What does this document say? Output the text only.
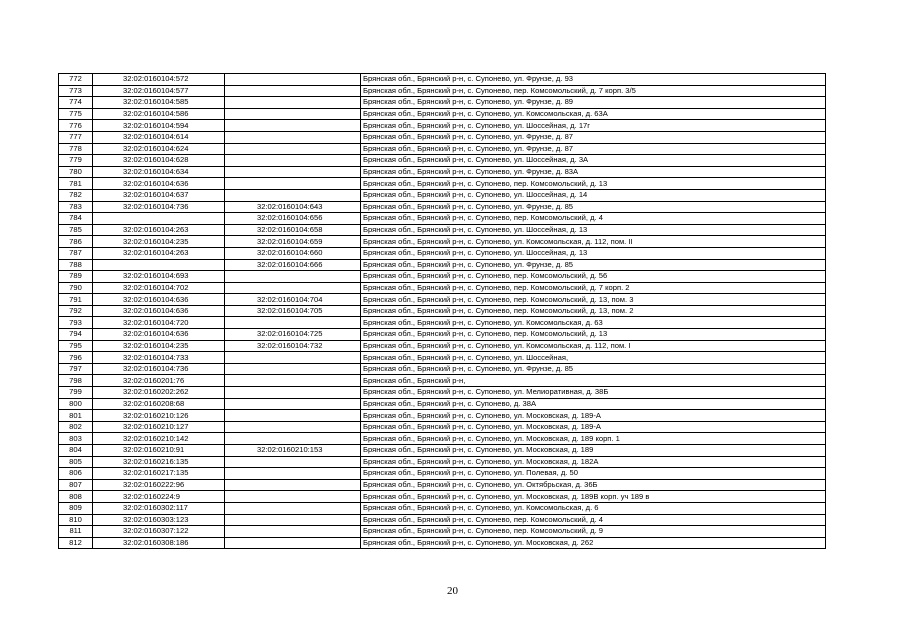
772	32:02:0160104:572		Брянская обл., Брянский р-н, с. Супонево, ул. Фрунзе, д. 93
773	32:02:0160104:577		Брянская обл., Брянский р-н, с. Супонево, пер. Комсомольский, д. 7 корп. 3/5
774	32:02:0160104:585		Брянская обл., Брянский р-н, с. Супонево, ул. Фрунзе, д. 89
775	32:02:0160104:586		Брянская обл., Брянский р-н, с. Супонево, ул. Комсомольская, д. 63А
776	32:02:0160104:594		Брянская обл., Брянский р-н, с. Супонево, ул. Шоссейная, д. 17г
777	32:02:0160104:614		Брянская обл., Брянский р-н, с. Супонево, ул. Фрунзе, д. 87
778	32:02:0160104:624		Брянская обл., Брянский р-н, с. Супонево, ул. Фрунзе, д. 87
779	32:02:0160104:628		Брянская обл., Брянский р-н, с. Супонево, ул. Шоссейная, д. 3А
780	32:02:0160104:634		Брянская обл., Брянский р-н, с. Супонево, ул. Фрунзе, д. 83А
781	32:02:0160104:636		Брянская обл., Брянский р-н, с. Супонево, пер. Комсомольский, д. 13
782	32:02:0160104:637		Брянская обл., Брянский р-н, с. Супонево, ул. Шоссейная, д. 14
783	32:02:0160104:736	32:02:0160104:643	Брянская обл., Брянский р-н, с. Супонево, ул. Фрунзе, д. 85
784		32:02:0160104:656	Брянская обл., Брянский р-н, с. Супонево, пер. Комсомольский, д. 4
785	32:02:0160104:263	32:02:0160104:658	Брянская обл., Брянский р-н, с. Супонево, ул. Шоссейная, д. 13
786	32:02:0160104:235	32:02:0160104:659	Брянская обл., Брянский р-н, с. Супонево, ул. Комсомольская, д. 112, пом. II
787	32:02:0160104:263	32:02:0160104:660	Брянская обл., Брянский р-н, с. Супонево, ул. Шоссейная, д. 13
788		32:02:0160104:666	Брянская обл., Брянский р-н, с. Супонево, ул. Фрунзе, д. 85
789	32:02:0160104:693		Брянская обл., Брянский р-н, с. Супонево, пер. Комсомольский, д. 56
790	32:02:0160104:702		Брянская обл., Брянский р-н, с. Супонево, пер. Комсомольский, д. 7 корп. 2
791	32:02:0160104:636	32:02:0160104:704	Брянская обл., Брянский р-н, с. Супонево, пер. Комсомольский, д. 13, пом. 3
792	32:02:0160104:636	32:02:0160104:705	Брянская обл., Брянский р-н, с. Супонево, пер. Комсомольский, д. 13, пом. 2
793	32:02:0160104:720		Брянская обл., Брянский р-н, с. Супонево, ул. Комсомольская, д. 63
794	32:02:0160104:636	32:02:0160104:725	Брянская обл., Брянский р-н, с. Супонево, пер. Комсомольский, д. 13
795	32:02:0160104:235	32:02:0160104:732	Брянская обл., Брянский р-н, с. Супонево, ул. Комсомольская, д. 112, пом. I
796	32:02:0160104:733		Брянская обл., Брянский р-н, с. Супонево, ул. Шоссейная,
797	32:02:0160104:736		Брянская обл., Брянский р-н, с. Супонево, ул. Фрунзе, д. 85
798	32:02:0160201:76		Брянская обл., Брянский р-н,
799	32:02:0160202:262		Брянская обл., Брянский р-н, с. Супонево, ул. Мелиоративная, д. 38Б
800	32:02:0160208:68		Брянская обл., Брянский р-н, с. Супонево, д. 38А
801	32:02:0160210:126		Брянская обл., Брянский р-н, с. Супонево, ул. Московская, д. 189-А
802	32:02:0160210:127		Брянская обл., Брянский р-н, с. Супонево, ул. Московская, д. 189-А
803	32:02:0160210:142		Брянская обл., Брянский р-н, с. Супонево, ул. Московская, д. 189 корп. 1
804	32:02:0160210:91	32:02:0160210:153	Брянская обл., Брянский р-н, с. Супонево, ул. Московская, д. 189
805	32:02:0160216:135		Брянская обл., Брянский р-н, с. Супонево, ул. Московская, д. 182А
806	32:02:0160217:135		Брянская обл., Брянский р-н, с. Супонево, ул. Полевая, д. 50
807	32:02:0160222:96		Брянская обл., Брянский р-н, с. Супонево, ул. Октябрьская, д. 36Б
808	32:02:0160224:9		Брянская обл., Брянский р-н, с. Супонево, ул. Московская, д. 189В корп. уч 189 в
809	32:02:0160302:117		Брянская обл., Брянский р-н, с. Супонево, ул. Комсомольская, д. 6
810	32:02:0160303:123		Брянская обл., Брянский р-н, с. Супонево, пер. Комсомольский, д. 4
811	32:02:0160307:122		Брянская обл., Брянский р-н, с. Супонево, пер. Комсомольский, д. 9
812	32:02:0160308:186		Брянская обл., Брянский р-н, с. Супонево, ул. Московская, д. 262
20
